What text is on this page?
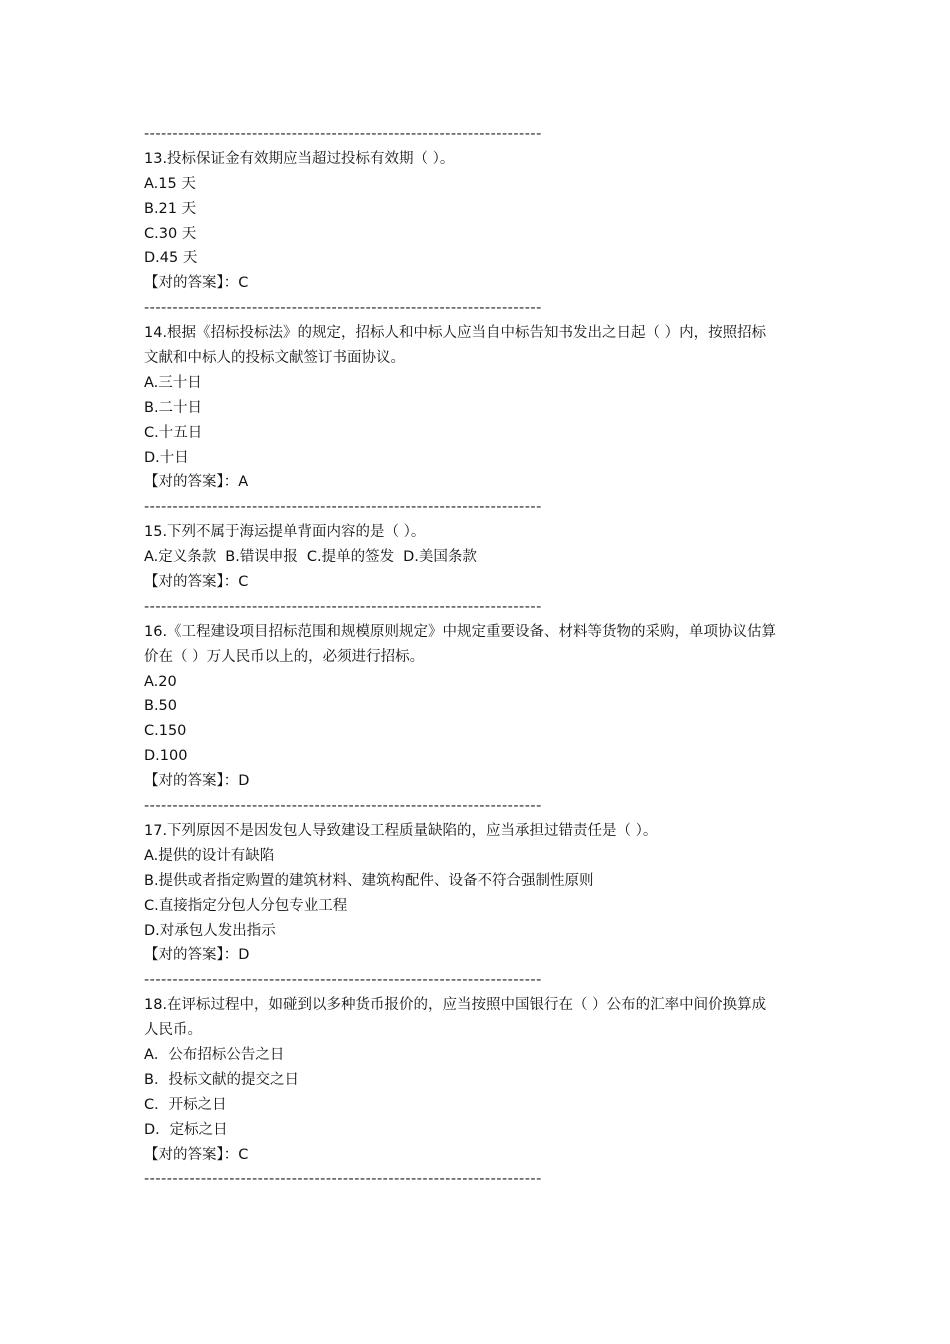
----------------------------------------------------------------------
13.投标保证金有效期应当超过投标有效期（ ）。
A.15 天
B.21 天
C.30 天
D.45 天
【对的答案】：C
----------------------------------------------------------------------
14.根据《招标投标法》的规定，招标人和中标人应当自中标告知书发出之日起（ ）内，按照招标
文献和中标人的投标文献签订书面协议。
A.三十日
B.二十日
C.十五日
D.十日
【对的答案】：A
----------------------------------------------------------------------
15.下列不属于海运提单背面内容的是（ ）。
A.定义条款 B.错误申报 C.提单的签发 D.美国条款
【对的答案】：C
----------------------------------------------------------------------
16.《工程建设项目招标范围和规模原则规定》中规定重要设备、材料等货物的采购，单项协议估算
价在（ ）万人民币以上的，必须进行招标。
A.20
B.50
C.150
D.100
【对的答案】：D
----------------------------------------------------------------------
17.下列原因不是因发包人导致建设工程质量缺陷的，应当承担过错责任是（ ）。
A.提供的设计有缺陷
B.提供或者指定购置的建筑材料、建筑构配件、设备不符合强制性原则
C.直接指定分包人分包专业工程
D.对承包人发出指示
【对的答案】：D
----------------------------------------------------------------------
18.在评标过程中，如碰到以多种货币报价的，应当按照中国银行在（ ）公布的汇率中间价换算成
人民币。
A．公布招标公告之日
B．投标文献的提交之日
C．开标之日
D．定标之日
【对的答案】：C
----------------------------------------------------------------------
